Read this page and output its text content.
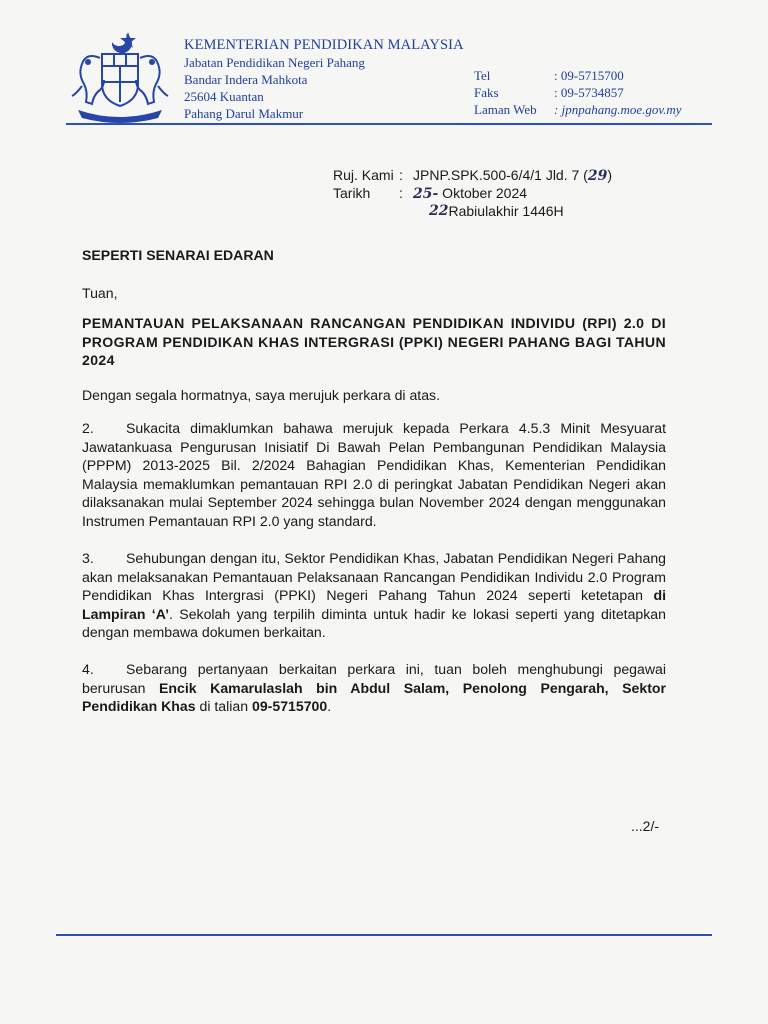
KEMENTERIAN PENDIDIKAN MALAYSIA
Jabatan Pendidikan Negeri Pahang
Bandar Indera Mahkota
25604 Kuantan
Pahang Darul Makmur
Tel	: 09-5715700
Faks	: 09-5734857
Laman Web	: jpnpahang.moe.gov.my
Ruj. Kami : JPNP.SPK.500-6/4/1 Jld. 7 (29)
Tarikh	: 25- Oktober 2024
22 Rabiulakhir 1446H
SEPERTI SENARAI EDARAN
Tuan,
PEMANTAUAN PELAKSANAAN RANCANGAN PENDIDIKAN INDIVIDU (RPI) 2.0 DI PROGRAM PENDIDIKAN KHAS INTERGRASI (PPKI) NEGERI PAHANG BAGI TAHUN 2024
Dengan segala hormatnya, saya merujuk perkara di atas.
2. Sukacita dimaklumkan bahawa merujuk kepada Perkara 4.5.3 Minit Mesyuarat Jawatankuasa Pengurusan Inisiatif Di Bawah Pelan Pembangunan Pendidikan Malaysia (PPPM) 2013-2025 Bil. 2/2024 Bahagian Pendidikan Khas, Kementerian Pendidikan Malaysia memaklumkan pemantauan RPI 2.0 di peringkat Jabatan Pendidikan Negeri akan dilaksanakan mulai September 2024 sehingga bulan November 2024 dengan menggunakan Instrumen Pemantauan RPI 2.0 yang standard.
3. Sehubungan dengan itu, Sektor Pendidikan Khas, Jabatan Pendidikan Negeri Pahang akan melaksanakan Pemantauan Pelaksanaan Rancangan Pendidikan Individu 2.0 Program Pendidikan Khas Intergrasi (PPKI) Negeri Pahang Tahun 2024 seperti ketetapan di Lampiran ‘A’. Sekolah yang terpilih diminta untuk hadir ke lokasi seperti yang ditetapkan dengan membawa dokumen berkaitan.
4. Sebarang pertanyaan berkaitan perkara ini, tuan boleh menghubungi pegawai berurusan Encik Kamarulaslah bin Abdul Salam, Penolong Pengarah, Sektor Pendidikan Khas di talian 09-5715700.
...2/-
